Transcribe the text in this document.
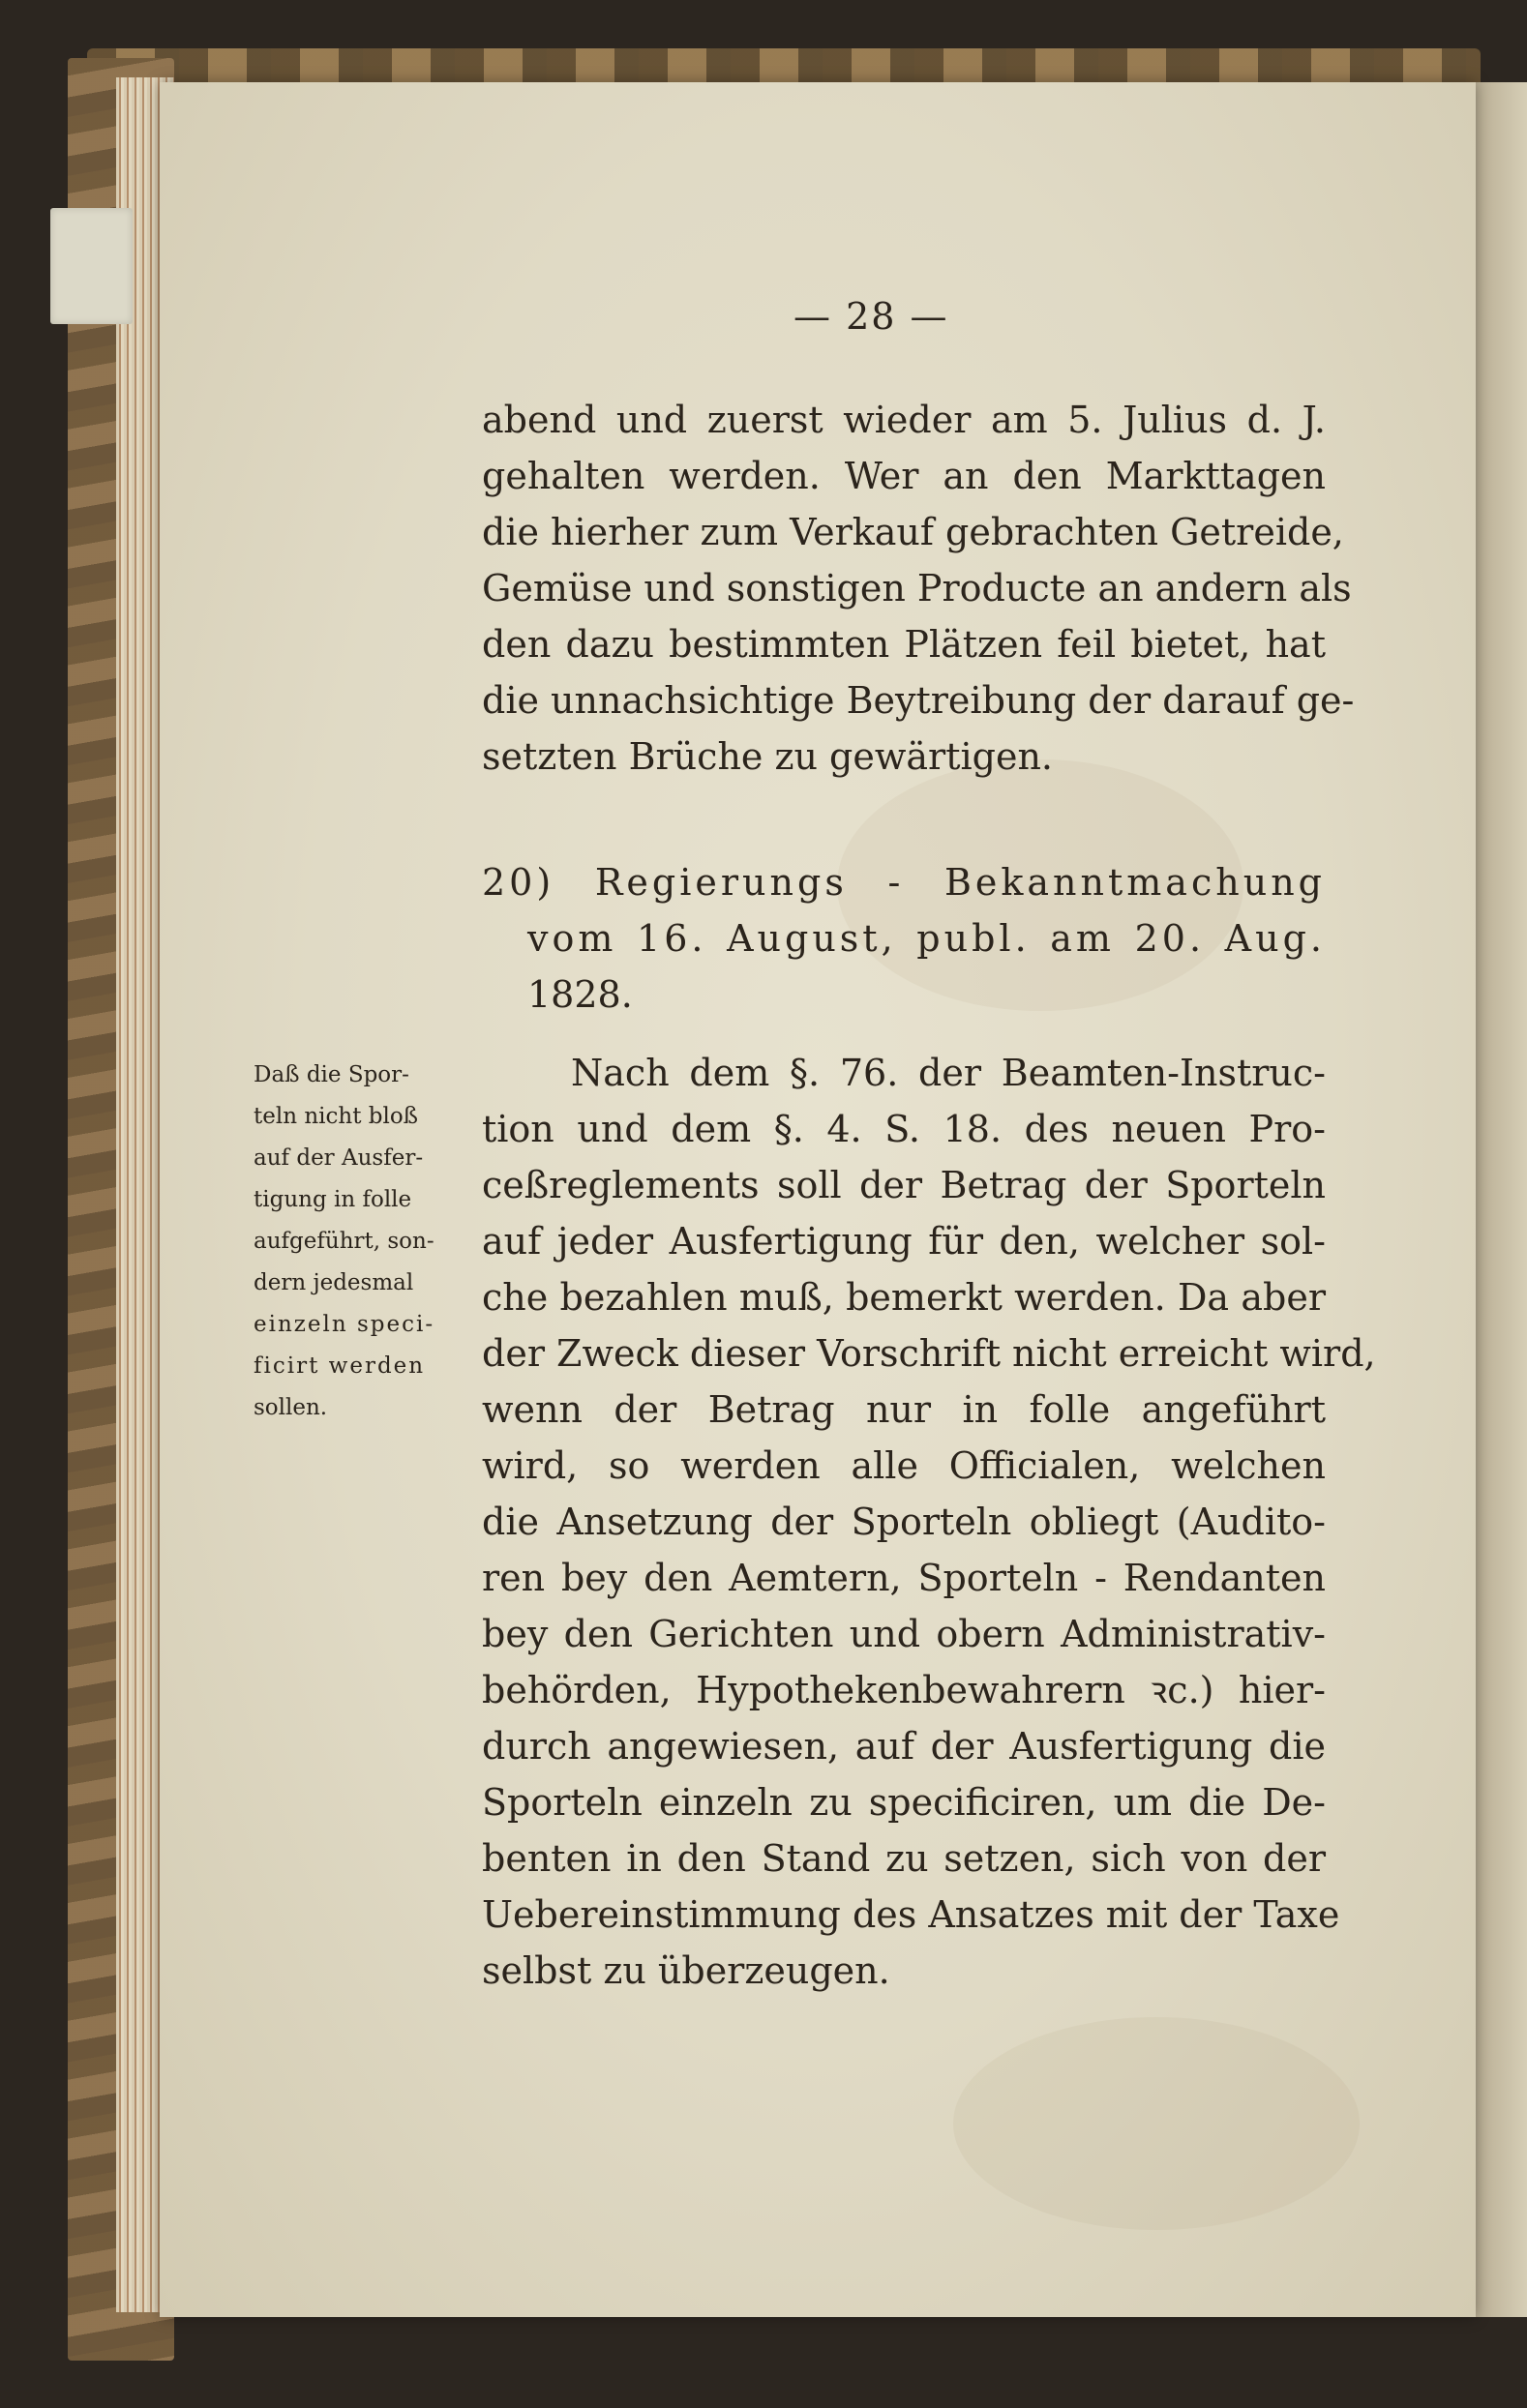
— 28 —
abend und zuerst wieder am 5. Julius d. J.
gehalten werden. Wer an den Markttagen
die hierher zum Verkauf gebrachten Getreide,
Gemüse und sonstigen Producte an andern als
den dazu bestimmten Plätzen feil bietet, hat
die unnachsichtige Beytreibung der darauf ge-
setzten Brüche zu gewärtigen.
20) Regierungs - Bekanntmachung
vom 16. August, publ. am 20. Aug.
1828.
Nach dem §. 76. der Beamten-Instruc-
tion und dem §. 4. S. 18. des neuen Pro-
ceßreglements soll der Betrag der Sporteln
auf jeder Ausfertigung für den, welcher sol-
che bezahlen muß, bemerkt werden. Da aber
der Zweck dieser Vorschrift nicht erreicht wird,
wenn der Betrag nur in folle angeführt
wird, so werden alle Officialen, welchen
die Ansetzung der Sporteln obliegt (Audito-
ren bey den Aemtern, Sporteln - Rendanten
bey den Gerichten und obern Administrativ-
behörden, Hypothekenbewahrern ꝛc.) hier-
durch angewiesen, auf der Ausfertigung die
Sporteln einzeln zu specificiren, um die De-
benten in den Stand zu setzen, sich von der
Uebereinstimmung des Ansatzes mit der Taxe
selbst zu überzeugen.
Daß die Spor-
teln nicht bloß
auf der Ausfer-
tigung in folle
aufgeführt, son-
dern jedesmal
einzeln speci-
ficirt werden
sollen.
